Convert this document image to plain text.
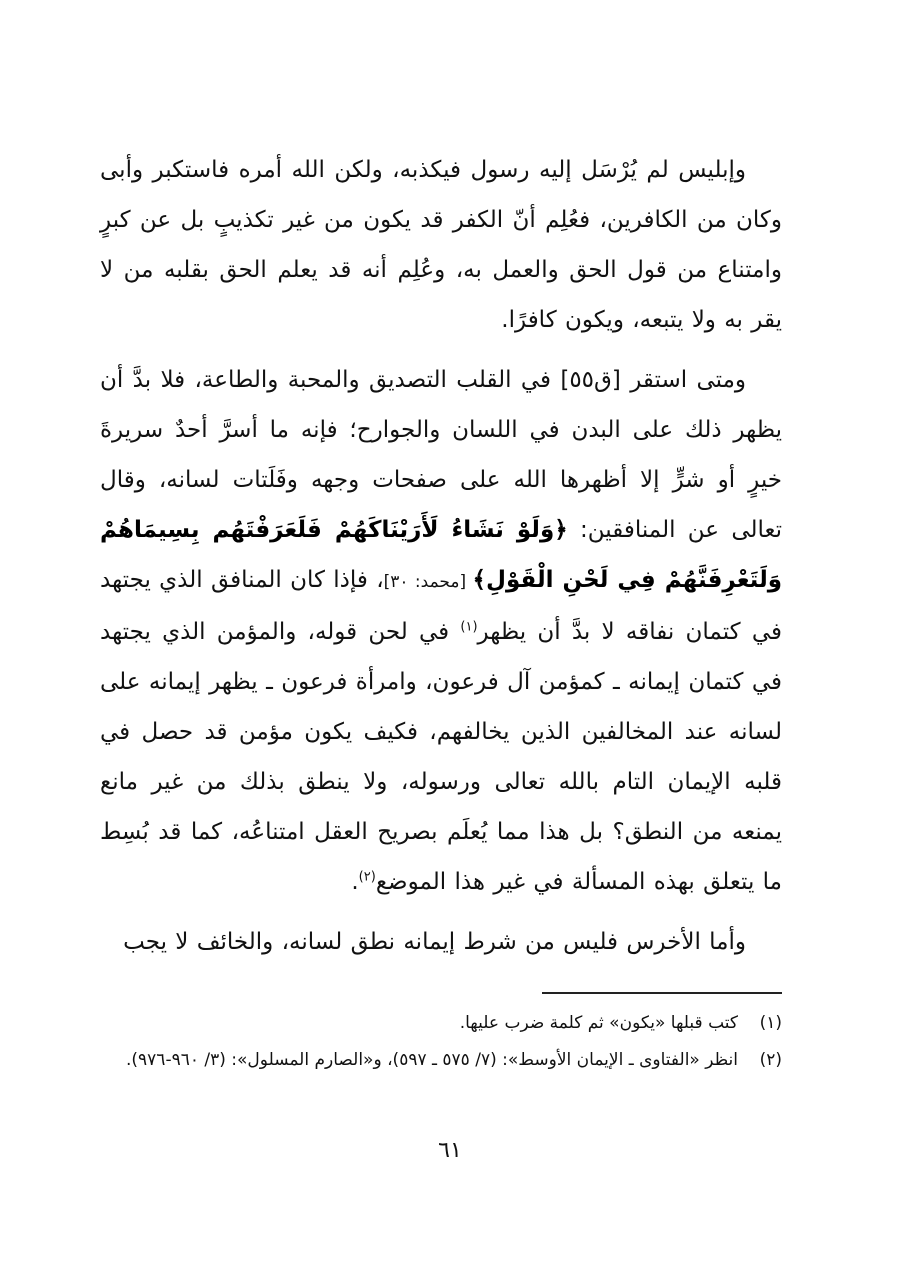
وإبليس لم يُرْسَل إليه رسول فيكذبه، ولكن الله أمره فاستكبر وأبى وكان من الكافرين، فعُلِم أنّ الكفر قد يكون من غير تكذيبٍ بل عن كبرٍ وامتناع من قول الحق والعمل به، وعُلِم أنه قد يعلم الحق بقلبه من لا يقر به ولا يتبعه، ويكون كافرًا.

ومتى استقر [ق٥٥] في القلب التصديق والمحبة والطاعة، فلا بدَّ أن يظهر ذلك على البدن في اللسان والجوارح؛ فإنه ما أسرَّ أحدٌ سريرةَ خيرٍ أو شرٍّ إلا أظهرها الله على صفحات وجهه وفَلَتات لسانه، وقال تعالى عن المنافقين: ﴿وَلَوْ نَشَاءُ لَأَرَيْنَاكَهُمْ فَلَعَرَفْتَهُم بِسِيمَاهُمْ وَلَتَعْرِفَنَّهُمْ فِي لَحْنِ الْقَوْلِ﴾ [محمد: ٣٠]، فإذا كان المنافق الذي يجتهد في كتمان نفاقه لا بدَّ أن يظهر$^{(١)}$ في لحن قوله، والمؤمن الذي يجتهد في كتمان إيمانه ـ كمؤمن آل فرعون، وامرأة فرعون ـ يظهر إيمانه على لسانه عند المخالفين الذين يخالفهم، فكيف يكون مؤمن قد حصل في قلبه الإيمان التام بالله تعالى ورسوله، ولا ينطق بذلك من غير مانع يمنعه من النطق؟ بل هذا مما يُعلَم بصريح العقل امتناعُه، كما قد بُسِط ما يتعلق بهذه المسألة في غير هذا الموضع$^{(٢)}$.

وأما الأخرس فليس من شرط إيمانه نطق لسانه، والخائف لا يجب

(١)
كتب قبلها «يكون» ثم كلمة ضرب عليها.
(٢)
انظر «الفتاوى ـ الإيمان الأوسط»: (٧/ ٥٧٥ ـ ٥٩٧)، و«الصارم المسلول»: (٣/ ٩٦٠-٩٧٦).
٦١
